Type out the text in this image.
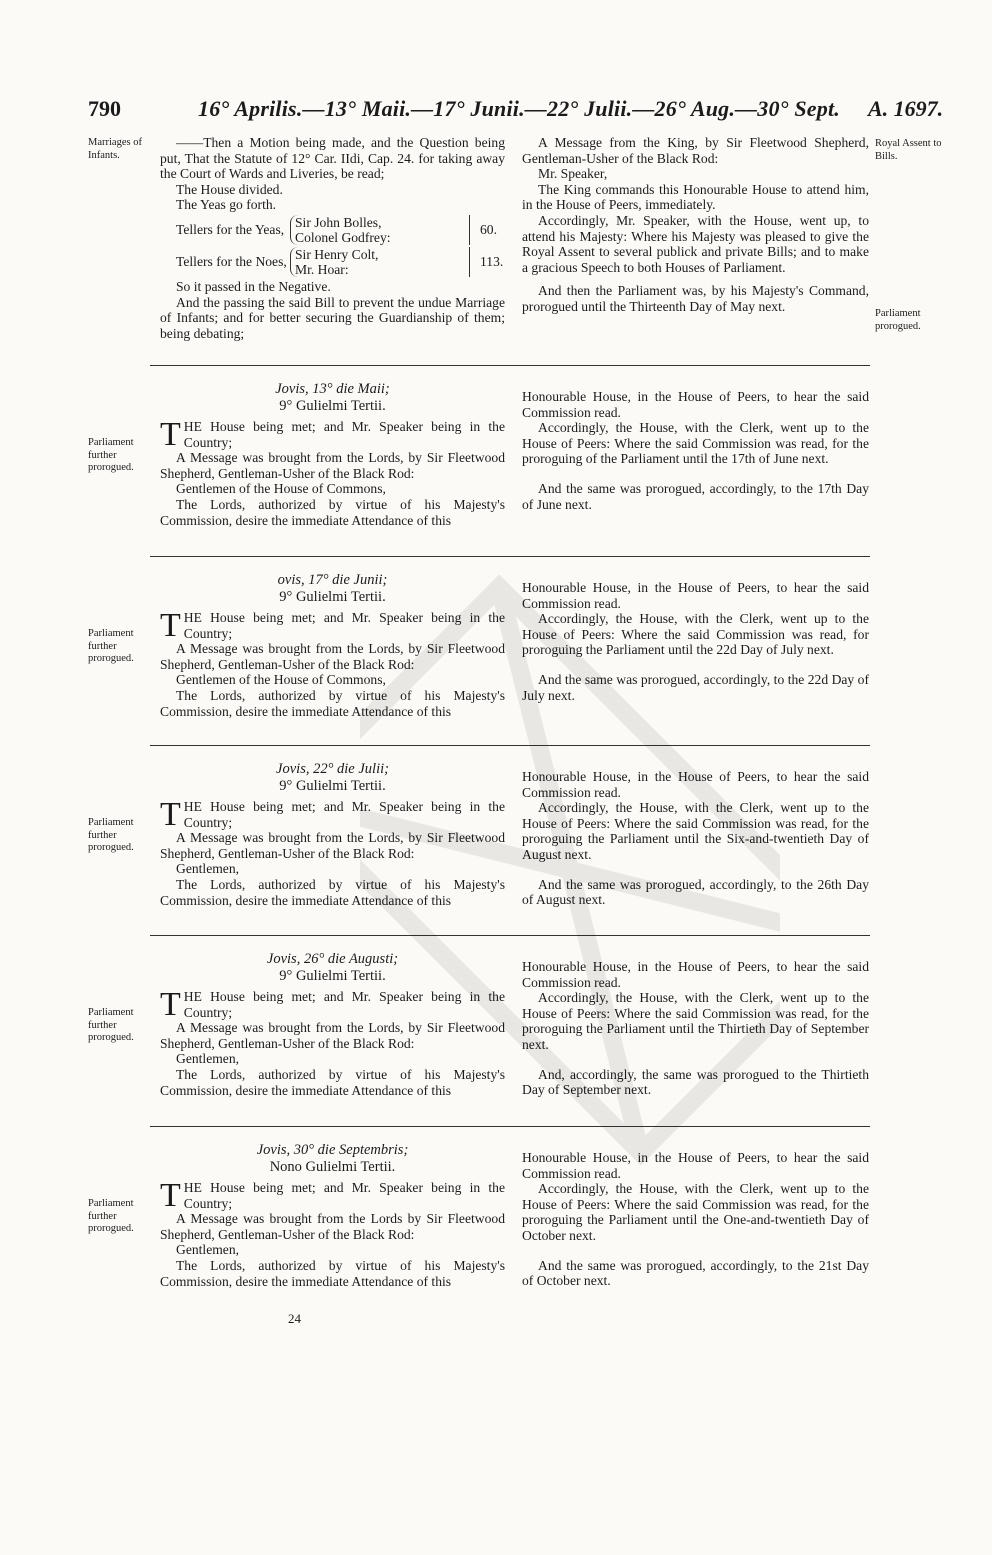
790	16° Aprilis.—13° Maii.—17° Junii.—22° Julii.—26° Aug.—30° Sept. A. 1697.
Marriages of Infants.

——Then a Motion being made, and the Question being put, That the Statute of 12° Car. IIdi, Cap. 24. for taking away the Court of Wards and Liveries, be read;

The House divided.

The Yeas go forth.

Tellers for the Yeas, Sir John Bolles,
Colonel Godfrey:
60.
Tellers for the Noes, Sir Henry Colt,
Mr. Hoar:
113.

So it passed in the Negative.

And the passing the said Bill to prevent the undue Marriage of Infants; and for better securing the Guardianship of them; being debating;

A Message from the King, by Sir Fleetwood Shepherd, Gentleman-Usher of the Black Rod:

Mr. Speaker,

The King commands this Honourable House to attend him, in the House of Peers, immediately.

Accordingly, Mr. Speaker, with the House, went up, to attend his Majesty: Where his Majesty was pleased to give the Royal Assent to several publick and private Bills; and to make a gracious Speech to both Houses of Parliament.

And then the Parliament was, by his Majesty's Command, prorogued until the Thirteenth Day of May next.

Royal Assent to Bills.
Parliament prorogued.

Jovis, 13° die Maii;

9° Gulielmi Tertii.

THE House being met; and Mr. Speaker being in the Country;

A Message was brought from the Lords, by Sir Fleetwood Shepherd, Gentleman-Usher of the Black Rod:

Gentlemen of the House of Commons,

The Lords, authorized by virtue of his Majesty's Commission, desire the immediate Attendance of this

Parliament further prorogued.

Honourable House, in the House of Peers, to hear the said Commission read.

Accordingly, the House, with the Clerk, went up to the House of Peers: Where the said Commission was read, for the proroguing of the Parliament until the 17th of June next.

And the same was prorogued, accordingly, to the 17th Day of June next.

ovis, 17° die Junii;

9° Gulielmi Tertii.

THE House being met; and Mr. Speaker being in the Country;

A Message was brought from the Lords, by Sir Fleetwood Shepherd, Gentleman-Usher of the Black Rod:

Gentlemen of the House of Commons,

The Lords, authorized by virtue of his Majesty's Commission, desire the immediate Attendance of this

Parliament further prorogued.

Honourable House, in the House of Peers, to hear the said Commission read.

Accordingly, the House, with the Clerk, went up to the House of Peers: Where the said Commission was read, for proroguing the Parliament until the 22d Day of July next.

And the same was prorogued, accordingly, to the 22d Day of July next.

Jovis, 22° die Julii;

9° Gulielmi Tertii.

THE House being met; and Mr. Speaker being in the Country;

A Message was brought from the Lords, by Sir Fleetwood Shepherd, Gentleman-Usher of the Black Rod:

Gentlemen,

The Lords, authorized by virtue of his Majesty's Commission, desire the immediate Attendance of this

Parliament further prorogued.

Honourable House, in the House of Peers, to hear the said Commission read.

Accordingly, the House, with the Clerk, went up to the House of Peers: Where the said Commission was read, for the proroguing the Parliament until the Six-and-twentieth Day of August next.

And the same was prorogued, accordingly, to the 26th Day of August next.

Jovis, 26° die Augusti;

9° Gulielmi Tertii.

THE House being met; and Mr. Speaker being in the Country;

A Message was brought from the Lords, by Sir Fleetwood Shepherd, Gentleman-Usher of the Black Rod:

Gentlemen,

The Lords, authorized by virtue of his Majesty's Commission, desire the immediate Attendance of this

Parliament further prorogued.

Honourable House, in the House of Peers, to hear the said Commission read.

Accordingly, the House, with the Clerk, went up to the House of Peers: Where the said Commission was read, for the proroguing the Parliament until the Thirtieth Day of September next.

And, accordingly, the same was prorogued to the Thirtieth Day of September next.

Jovis, 30° die Septembris;

Nono Gulielmi Tertii.

THE House being met; and Mr. Speaker being in the Country;

A Message was brought from the Lords by Sir Fleetwood Shepherd, Gentleman-Usher of the Black Rod:

Gentlemen,

The Lords, authorized by virtue of his Majesty's Commission, desire the immediate Attendance of this

Parliament further prorogued.

Honourable House, in the House of Peers, to hear the said Commission read.

Accordingly, the House, with the Clerk, went up to the House of Peers: Where the said Commission was read, for the proroguing the Parliament until the One-and-twentieth Day of October next.

And the same was prorogued, accordingly, to the 21st Day of October next.

24
